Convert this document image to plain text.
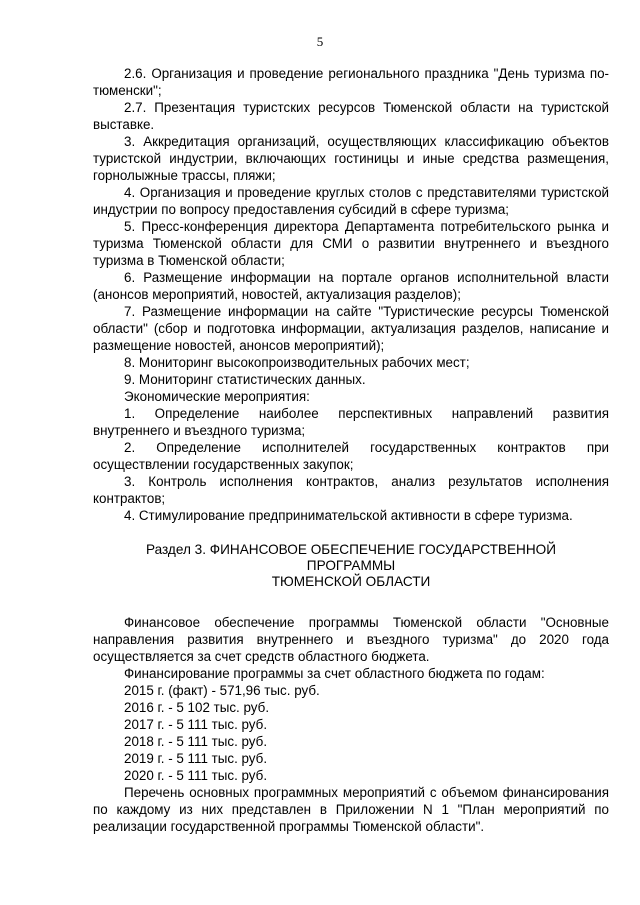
5

2.6. Организация и проведение регионального праздника "День туризма по-тюменски";

2.7. Презентация туристских ресурсов Тюменской области на туристской выставке.

3. Аккредитация организаций, осуществляющих классификацию объектов туристской индустрии, включающих гостиницы и иные средства размещения, горнолыжные трассы, пляжи;

4. Организация и проведение круглых столов с представителями туристской индустрии по вопросу предоставления субсидий в сфере туризма;

5. Пресс-конференция директора Департамента потребительского рынка и туризма Тюменской области для СМИ о развитии внутреннего и въездного туризма в Тюменской области;

6. Размещение информации на портале органов исполнительной власти (анонсов мероприятий, новостей, актуализация разделов);

7. Размещение информации на сайте "Туристические ресурсы Тюменской области" (сбор и подготовка информации, актуализация разделов, написание и размещение новостей, анонсов мероприятий);

8. Мониторинг высокопроизводительных рабочих мест;

9. Мониторинг статистических данных.

Экономические мероприятия:

1. Определение наиболее перспективных направлений развития внутреннего и въездного туризма;

2. Определение исполнителей государственных контрактов при осуществлении государственных закупок;

3. Контроль исполнения контрактов, анализ результатов исполнения контрактов;

4. Стимулирование предпринимательской активности в сфере туризма.

Раздел 3. ФИНАНСОВОЕ ОБЕСПЕЧЕНИЕ ГОСУДАРСТВЕННОЙ

ПРОГРАММЫ

ТЮМЕНСКОЙ ОБЛАСТИ

Финансовое обеспечение программы Тюменской области "Основные направления развития внутреннего и въездного туризма" до 2020 года осуществляется за счет средств областного бюджета.

Финансирование программы за счет областного бюджета по годам:

2015 г. (факт) - 571,96 тыс. руб.

2016 г. - 5 102 тыс. руб.

2017 г. - 5 111 тыс. руб.

2018 г. - 5 111 тыс. руб.

2019 г. - 5 111 тыс. руб.

2020 г. - 5 111 тыс. руб.

Перечень основных программных мероприятий с объемом финансирования по каждому из них представлен в Приложении N 1 "План мероприятий по реализации государственной программы Тюменской области".
